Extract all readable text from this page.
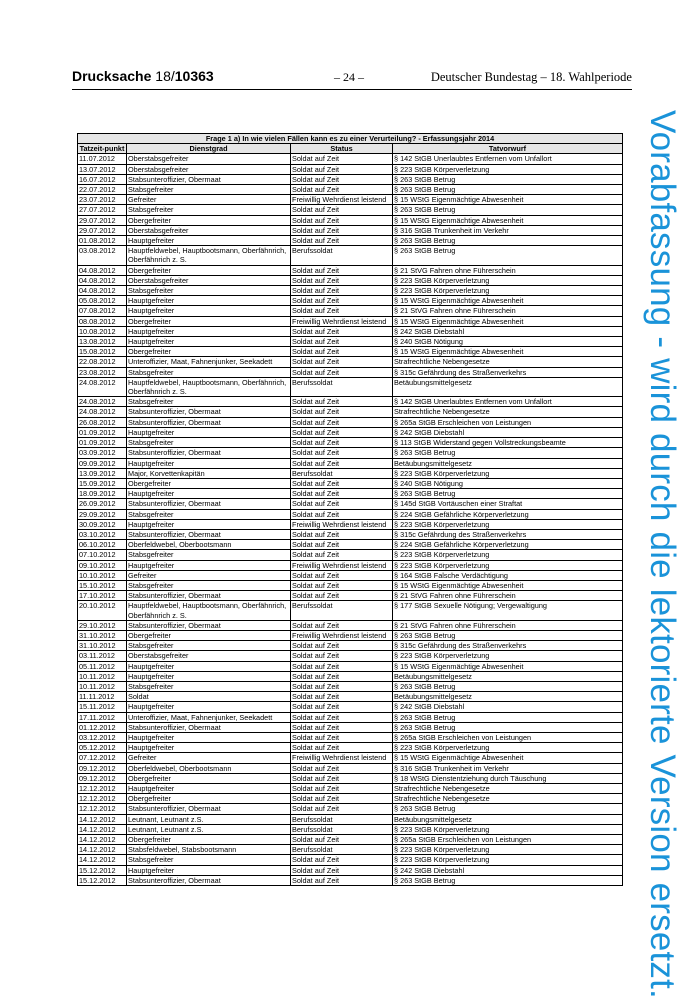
Drucksache 18/10363	– 24 –	Deutscher Bundestag – 18. Wahlperiode
Vorabfassung - wird durch die lektorierte Version ersetzt.
Frage 1 a) In wie vielen Fällen kann es zu einer Verurteilung? - Erfassungsjahr 2014			
Tatzeit-punkt	Dienstgrad	Status	Tatvorwurf
11.07.2012	Oberstabsgefreiter	Soldat auf Zeit	§ 142 StGB Unerlaubtes Entfernen vom Unfallort
13.07.2012	Oberstabsgefreiter	Soldat auf Zeit	§ 223 StGB Körperverletzung
16.07.2012	Stabsunteroffizier, Obermaat	Soldat auf Zeit	§ 263 StGB Betrug
22.07.2012	Stabsgefreiter	Soldat auf Zeit	§ 263 StGB Betrug
23.07.2012	Gefreiter	Freiwillig Wehrdienst leistend	§ 15 WStG Eigenmächtige Abwesenheit
27.07.2012	Stabsgefreiter	Soldat auf Zeit	§ 263 StGB Betrug
29.07.2012	Obergefreiter	Soldat auf Zeit	§ 15 WStG Eigenmächtige Abwesenheit
29.07.2012	Oberstabsgefreiter	Soldat auf Zeit	§ 316 StGB Trunkenheit im Verkehr
01.08.2012	Hauptgefreiter	Soldat auf Zeit	§ 263 StGB Betrug
03.08.2012	Hauptfeldwebel, Hauptbootsmann, Oberfähnrich, Oberfähnrich z. S.	Berufssoldat	§ 263 StGB Betrug
04.08.2012	Obergefreiter	Soldat auf Zeit	§ 21 StVG Fahren ohne Führerschein
04.08.2012	Oberstabsgefreiter	Soldat auf Zeit	§ 223 StGB Körperverletzung
04.08.2012	Stabsgefreiter	Soldat auf Zeit	§ 223 StGB Körperverletzung
05.08.2012	Hauptgefreiter	Soldat auf Zeit	§ 15 WStG Eigenmächtige Abwesenheit
07.08.2012	Hauptgefreiter	Soldat auf Zeit	§ 21 StVG Fahren ohne Führerschein
08.08.2012	Obergefreiter	Freiwillig Wehrdienst leistend	§ 15 WStG Eigenmächtige Abwesenheit
10.08.2012	Hauptgefreiter	Soldat auf Zeit	§ 242 StGB Diebstahl
13.08.2012	Hauptgefreiter	Soldat auf Zeit	§ 240 StGB Nötigung
15.08.2012	Obergefreiter	Soldat auf Zeit	§ 15 WStG Eigenmächtige Abwesenheit
22.08.2012	Unteroffizier, Maat, Fahnenjunker, Seekadett	Soldat auf Zeit	Strafrechtliche Nebengesetze
23.08.2012	Stabsgefreiter	Soldat auf Zeit	§ 315c Gefährdung des Straßenverkehrs
24.08.2012	Hauptfeldwebel, Hauptbootsmann, Oberfähnrich, Oberfähnrich z. S.	Berufssoldat	Betäubungsmittelgesetz
24.08.2012	Stabsgefreiter	Soldat auf Zeit	§ 142 StGB Unerlaubtes Entfernen vom Unfallort
24.08.2012	Stabsunteroffizier, Obermaat	Soldat auf Zeit	Strafrechtliche Nebengesetze
26.08.2012	Stabsunteroffizier, Obermaat	Soldat auf Zeit	§ 265a StGB Erschleichen von Leistungen
01.09.2012	Hauptgefreiter	Soldat auf Zeit	§ 242 StGB Diebstahl
01.09.2012	Stabsgefreiter	Soldat auf Zeit	§ 113 StGB Widerstand gegen Vollstreckungsbeamte
03.09.2012	Stabsunteroffizier, Obermaat	Soldat auf Zeit	§ 263 StGB Betrug
09.09.2012	Hauptgefreiter	Soldat auf Zeit	Betäubungsmittelgesetz
13.09.2012	Major, Korvettenkapitän	Berufssoldat	§ 223 StGB Körperverletzung
15.09.2012	Obergefreiter	Soldat auf Zeit	§ 240 StGB Nötigung
18.09.2012	Hauptgefreiter	Soldat auf Zeit	§ 263 StGB Betrug
26.09.2012	Stabsunteroffizier, Obermaat	Soldat auf Zeit	§ 145d StGB Vortäuschen einer Straftat
29.09.2012	Stabsgefreiter	Soldat auf Zeit	§ 224 StGB Gefährliche Körperverletzung
30.09.2012	Hauptgefreiter	Freiwillig Wehrdienst leistend	§ 223 StGB Körperverletzung
03.10.2012	Stabsunteroffizier, Obermaat	Soldat auf Zeit	§ 315c Gefährdung des Straßenverkehrs
06.10.2012	Oberfeldwebel, Oberbootsmann	Soldat auf Zeit	§ 224 StGB Gefährliche Körperverletzung
07.10.2012	Stabsgefreiter	Soldat auf Zeit	§ 223 StGB Körperverletzung
09.10.2012	Hauptgefreiter	Freiwillig Wehrdienst leistend	§ 223 StGB Körperverletzung
10.10.2012	Gefreiter	Soldat auf Zeit	§ 164 StGB Falsche Verdächtigung
15.10.2012	Stabsgefreiter	Soldat auf Zeit	§ 15 WStG Eigenmächtige Abwesenheit
17.10.2012	Stabsunteroffizier, Obermaat	Soldat auf Zeit	§ 21 StVG Fahren ohne Führerschein
20.10.2012	Hauptfeldwebel, Hauptbootsmann, Oberfähnrich, Oberfähnrich z. S.	Berufssoldat	§ 177 StGB Sexuelle Nötigung; Vergewaltigung
29.10.2012	Stabsunteroffizier, Obermaat	Soldat auf Zeit	§ 21 StVG Fahren ohne Führerschein
31.10.2012	Obergefreiter	Freiwillig Wehrdienst leistend	§ 263 StGB Betrug
31.10.2012	Stabsgefreiter	Soldat auf Zeit	§ 315c Gefährdung des Straßenverkehrs
03.11.2012	Oberstabsgefreiter	Soldat auf Zeit	§ 223 StGB Körperverletzung
05.11.2012	Hauptgefreiter	Soldat auf Zeit	§ 15 WStG Eigenmächtige Abwesenheit
10.11.2012	Hauptgefreiter	Soldat auf Zeit	Betäubungsmittelgesetz
10.11.2012	Stabsgefreiter	Soldat auf Zeit	§ 263 StGB Betrug
11.11.2012	Soldat	Soldat auf Zeit	Betäubungsmittelgesetz
15.11.2012	Hauptgefreiter	Soldat auf Zeit	§ 242 StGB Diebstahl
17.11.2012	Unteroffizier, Maat, Fahnenjunker, Seekadett	Soldat auf Zeit	§ 263 StGB Betrug
01.12.2012	Stabsunteroffizier, Obermaat	Soldat auf Zeit	§ 263 StGB Betrug
03.12.2012	Hauptgefreiter	Soldat auf Zeit	§ 265a StGB Erschleichen von Leistungen
05.12.2012	Hauptgefreiter	Soldat auf Zeit	§ 223 StGB Körperverletzung
07.12.2012	Gefreiter	Freiwillig Wehrdienst leistend	§ 15 WStG Eigenmächtige Abwesenheit
09.12.2012	Oberfeldwebel, Oberbootsmann	Soldat auf Zeit	§ 316 StGB Trunkenheit im Verkehr
09.12.2012	Obergefreiter	Soldat auf Zeit	§ 18 WStG Dienstentziehung durch Täuschung
12.12.2012	Hauptgefreiter	Soldat auf Zeit	Strafrechtliche Nebengesetze
12.12.2012	Obergefreiter	Soldat auf Zeit	Strafrechtliche Nebengesetze
12.12.2012	Stabsunteroffizier, Obermaat	Soldat auf Zeit	§ 263 StGB Betrug
14.12.2012	Leutnant, Leutnant z.S.	Berufssoldat	Betäubungsmittelgesetz
14.12.2012	Leutnant, Leutnant z.S.	Berufssoldat	§ 223 StGB Körperverletzung
14.12.2012	Obergefreiter	Soldat auf Zeit	§ 265a StGB Erschleichen von Leistungen
14.12.2012	Stabsfeldwebel, Stabsbootsmann	Berufssoldat	§ 223 StGB Körperverletzung
14.12.2012	Stabsgefreiter	Soldat auf Zeit	§ 223 StGB Körperverletzung
15.12.2012	Hauptgefreiter	Soldat auf Zeit	§ 242 StGB Diebstahl
15.12.2012	Stabsunteroffizier, Obermaat	Soldat auf Zeit	§ 263 StGB Betrug
